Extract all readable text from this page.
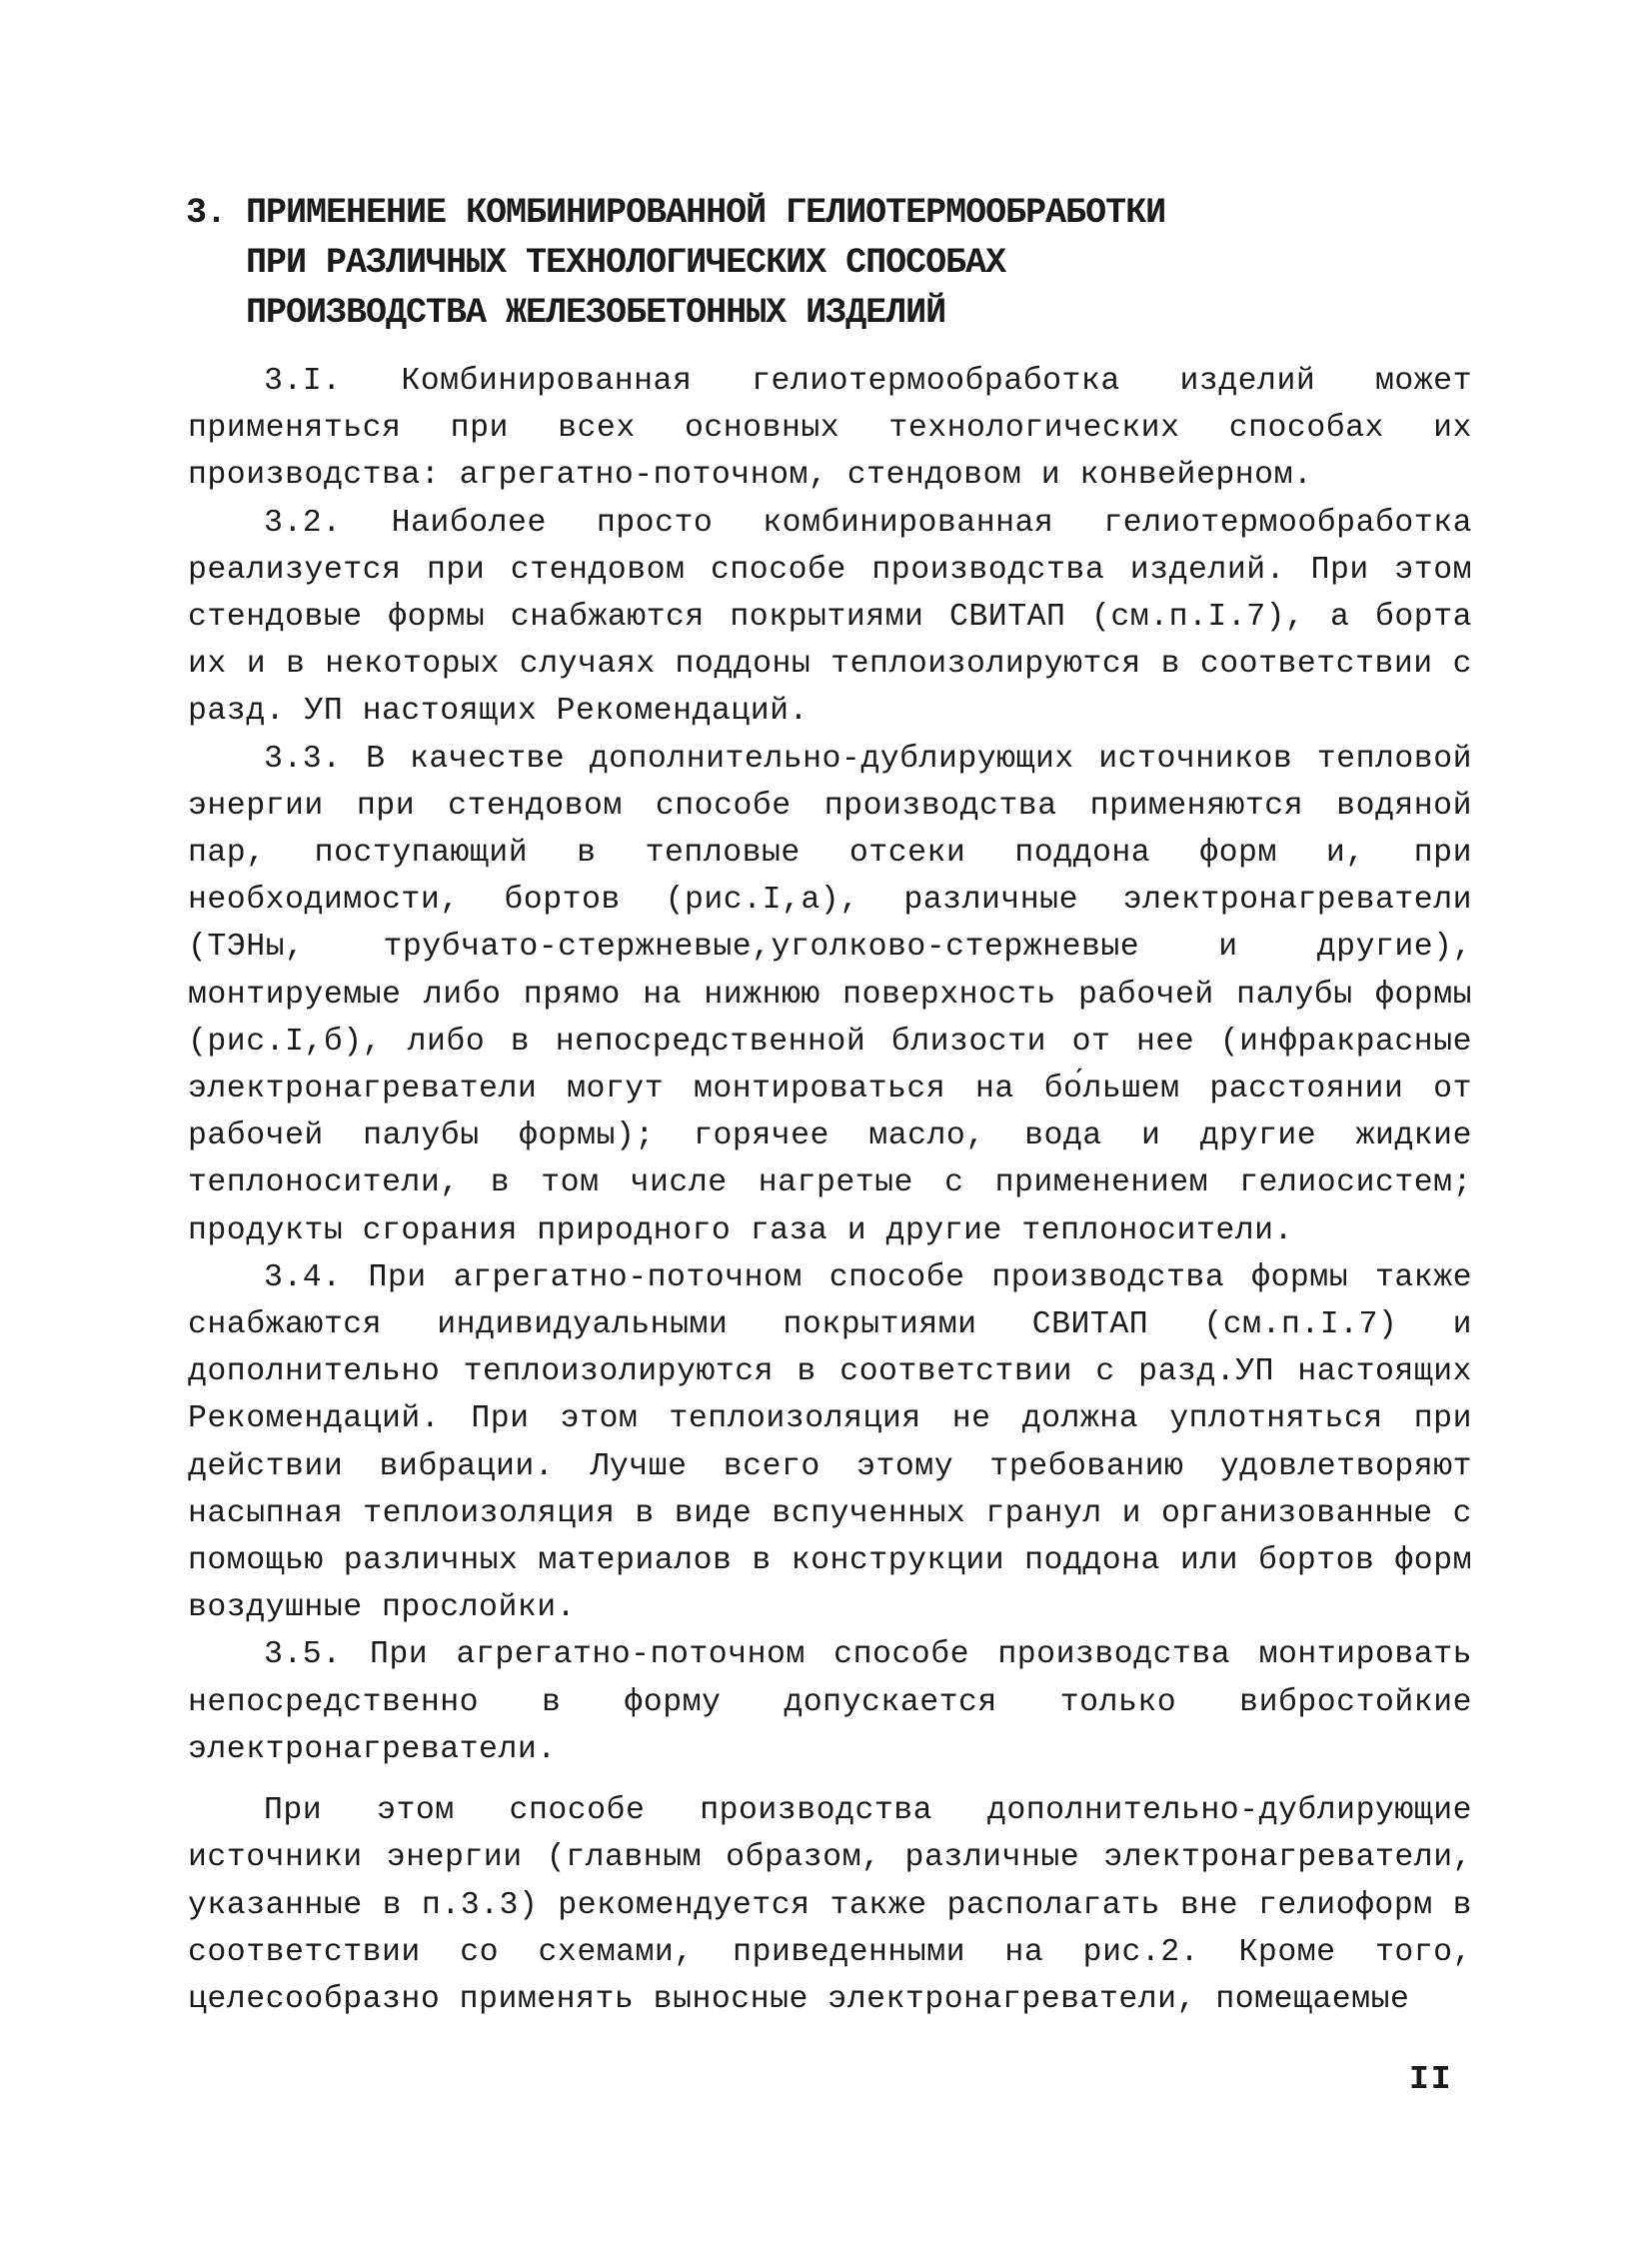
3. ПРИМЕНЕНИЕ КОМБИНИРОВАННОЙ ГЕЛИОТЕРМООБРАБОТКИ
ПРИ РАЗЛИЧНЫХ ТЕХНОЛОГИЧЕСКИХ СПОСОБАХ
ПРОИЗВОДСТВА ЖЕЛЕЗОБЕТОННЫХ ИЗДЕЛИЙ

3.I. Комбинированная гелиотермообработка изделий может применяться при всех основных технологических способах их производства: агрегатно-поточном, стендовом и конвейерном.

3.2. Наиболее просто комбинированная гелиотермообработка реализуется при стендовом способе производства изделий. При этом стендовые формы снабжаются покрытиями СВИТАП (см.п.I.7), а борта их и в некоторых случаях поддоны теплоизолируются в соответствии с разд. УП настоящих Рекомендаций.

3.3. В качестве дополнительно-дублирующих источников тепловой энергии при стендовом способе производства применяются водяной пар, поступающий в тепловые отсеки поддона форм и, при необходимости, бортов (рис.I,а), различные электронагреватели (ТЭНы, трубчато-стержневые,уголково-стержневые и другие), монтируемые либо прямо на нижнюю поверхность рабочей палубы формы (рис.I,б), либо в непосредственной близости от нее (инфракрасные электронагреватели могут монтироваться на бо́льшем расстоянии от рабочей палубы формы); горячее масло, вода и другие жидкие теплоносители, в том числе нагретые с применением гелиосистем; продукты сгорания природного газа и другие теплоносители.

3.4. При агрегатно-поточном способе производства формы также снабжаются индивидуальными покрытиями СВИТАП (см.п.I.7) и дополнительно теплоизолируются в соответствии с разд.УП настоящих Рекомендаций. При этом теплоизоляция не должна уплотняться при действии вибрации. Лучше всего этому требованию удовлетворяют насыпная теплоизоляция в виде вспученных гранул и организованные с помощью различных материалов в конструкции поддона или бортов форм воздушные прослойки.

3.5. При агрегатно-поточном способе производства монтировать непосредственно в форму допускается только вибростойкие электронагреватели.

При этом способе производства дополнительно-дублирующие источники энергии (главным образом, различные электронагреватели, указанные в п.3.3) рекомендуется также располагать вне гелиоформ в соответствии со схемами, приведенными на рис.2. Кроме того, целесообразно применять выносные электронагреватели, помещаемые

II
